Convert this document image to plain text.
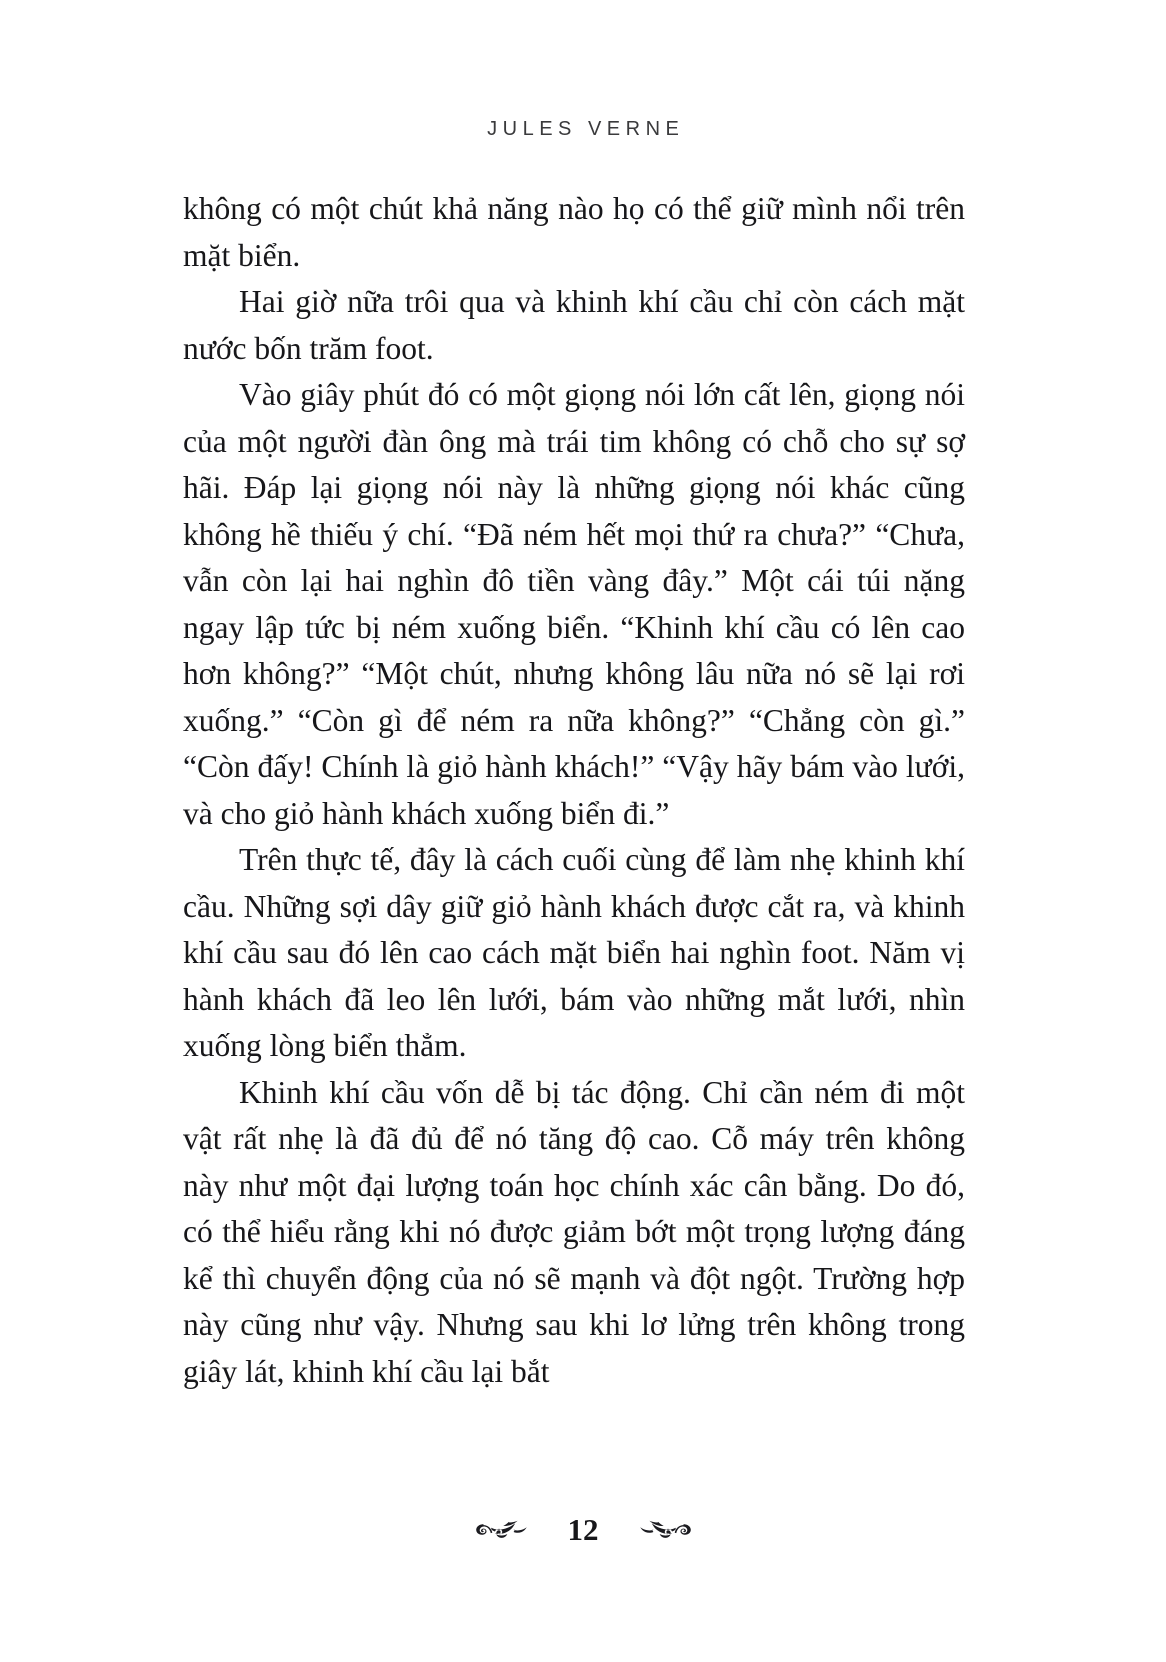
JULES VERNE

không có một chút khả năng nào họ có thể giữ mình nổi trên mặt biển.

Hai giờ nữa trôi qua và khinh khí cầu chỉ còn cách mặt nước bốn trăm foot.

Vào giây phút đó có một giọng nói lớn cất lên, giọng nói của một người đàn ông mà trái tim không có chỗ cho sự sợ hãi. Đáp lại giọng nói này là những giọng nói khác cũng không hề thiếu ý chí. “Đã ném hết mọi thứ ra chưa?” “Chưa, vẫn còn lại hai nghìn đô tiền vàng đây.” Một cái túi nặng ngay lập tức bị ném xuống biển. “Khinh khí cầu có lên cao hơn không?” “Một chút, nhưng không lâu nữa nó sẽ lại rơi xuống.” “Còn gì để ném ra nữa không?” “Chẳng còn gì.” “Còn đấy! Chính là giỏ hành khách!” “Vậy hãy bám vào lưới, và cho giỏ hành khách xuống biển đi.”

Trên thực tế, đây là cách cuối cùng để làm nhẹ khinh khí cầu. Những sợi dây giữ giỏ hành khách được cắt ra, và khinh khí cầu sau đó lên cao cách mặt biển hai nghìn foot. Năm vị hành khách đã leo lên lưới, bám vào những mắt lưới, nhìn xuống lòng biển thẳm.

Khinh khí cầu vốn dễ bị tác động. Chỉ cần ném đi một vật rất nhẹ là đã đủ để nó tăng độ cao. Cỗ máy trên không này như một đại lượng toán học chính xác cân bằng. Do đó, có thể hiểu rằng khi nó được giảm bớt một trọng lượng đáng kể thì chuyển động của nó sẽ mạnh và đột ngột. Trường hợp này cũng như vậy. Nhưng sau khi lơ lửng trên không trong giây lát, khinh khí cầu lại bắt

12
